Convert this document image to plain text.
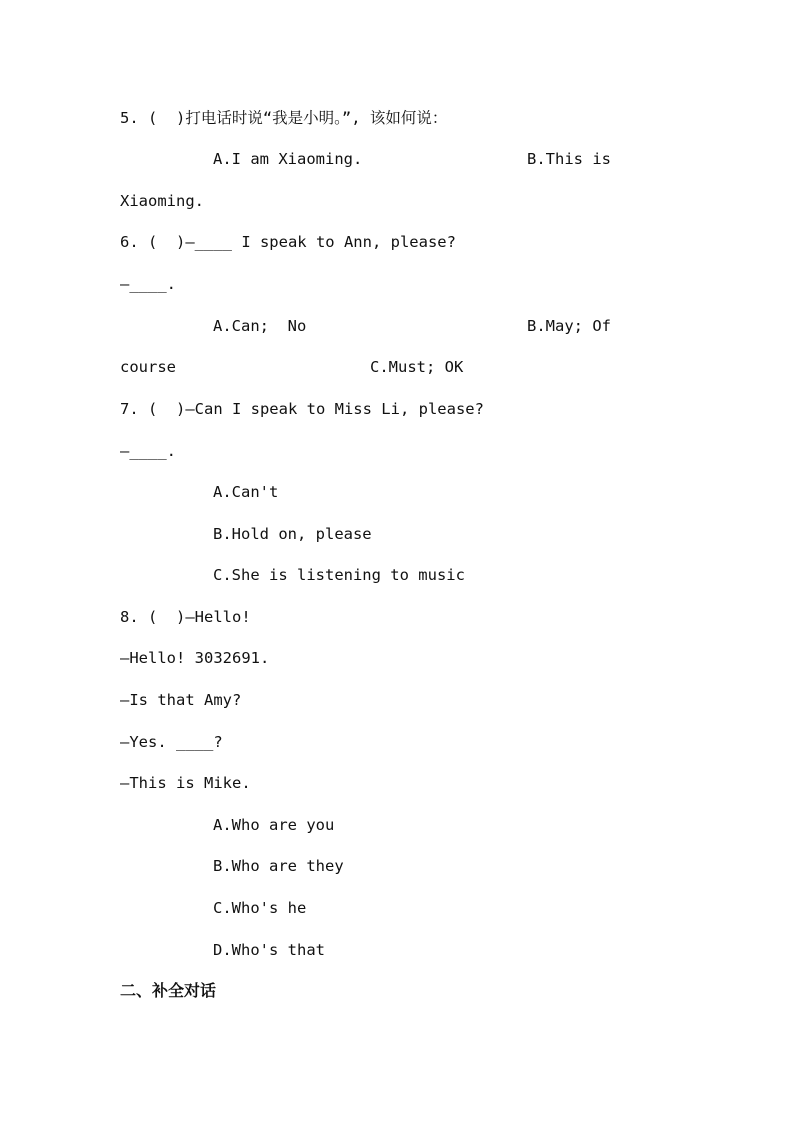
5. (  )打电话时说“我是小明。”, 该如何说：
A.I am Xiaoming.	B.This is
Xiaoming.
6. (  )—____ I speak to Ann, please?
—____.
A.Can;  No	B.May; Of
course	C.Must; OK
7. (  )—Can I speak to Miss Li, please?
—____.
A.Can't
B.Hold on, please
C.She is listening to music
8. (  )—Hello!
—Hello! 3032691.
—Is that Amy?
—Yes. ____?
—This is Mike.
A.Who are you
B.Who are they
C.Who's he
D.Who's that
二、补全对话
